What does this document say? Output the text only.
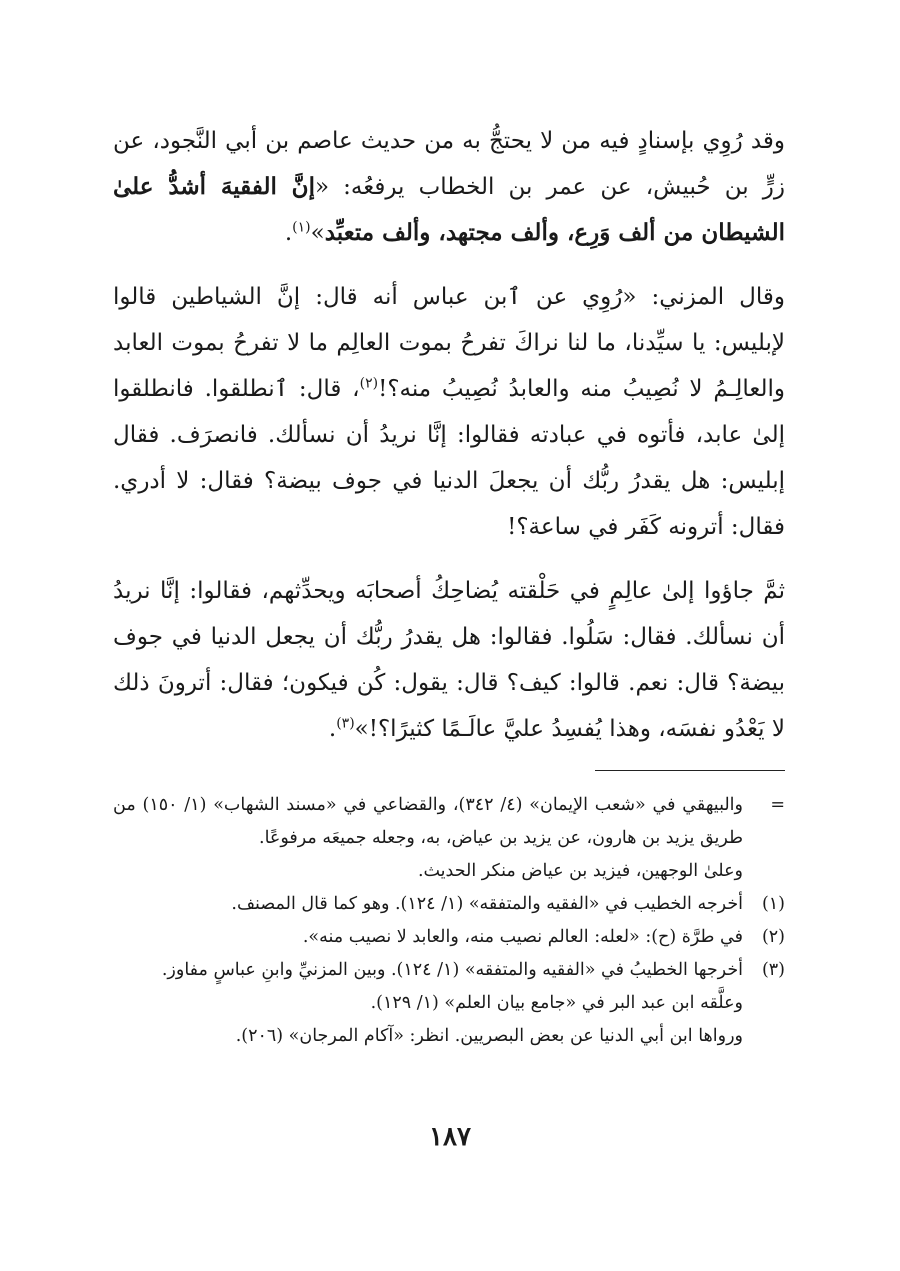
وقد رُوِي بإسنادٍ فيه من لا يحتجُّ به من حديث عاصم بن أبي النَّجود، عن زرٍّ بن حُبيش، عن عمر بن الخطاب يرفعُه: «إنَّ الفقيهَ أشدُّ علىٰ الشيطان من ألف وَرِع، وألف مجتهد، وألف متعبِّد»$^{(١)}$.

وقال المزني: «رُوِي عن ٱبن عباس أنه قال: إنَّ الشياطين قالوا لإبليس: يا سيِّدنا، ما لنا نراكَ تفرحُ بموت العالِم ما لا تفرحُ بموت العابد والعالِـمُ لا نُصِيبُ منه والعابدُ نُصِيبُ منه؟!$^{(٢)}$، قال: ٱنطلقوا. فانطلقوا إلىٰ عابد، فأتوه في عبادته فقالوا: إنَّا نريدُ أن نسألك. فانصرَف. فقال إبليس: هل يقدرُ ربُّك أن يجعلَ الدنيا في جوف بيضة؟ فقال: لا أدري. فقال: أترونه كَفَر في ساعة؟!

ثمَّ جاؤوا إلىٰ عالِمٍ في حَلْقته يُضاحِكُ أصحابَه ويحدِّثهم، فقالوا: إنَّا نريدُ أن نسألك. فقال: سَلُوا. فقالوا: هل يقدرُ ربُّك أن يجعل الدنيا في جوف بيضة؟ قال: نعم. قالوا: كيف؟ قال: يقول: كُن فيكون؛ فقال: أترونَ ذلك لا يَعْدُو نفسَه، وهذا يُفسِدُ عليَّ عالَـمًا كثيرًا؟!»$^{(٣)}$.

=
والبيهقي في «شعب الإيمان» (٤/ ٣٤٢)، والقضاعي في «مسند الشهاب» (١/ ١٥٠) من طريق يزيد بن هارون، عن يزيد بن عياض، به، وجعله جميعَه مرفوعًا.
وعلىٰ الوجهين، فيزيد بن عياض منكر الحديث.
(١)
أخرجه الخطيب في «الفقيه والمتفقه» (١/ ١٢٤). وهو كما قال المصنف.
(٢)
في طرَّة (ح): «لعله: العالم نصيب منه، والعابد لا نصيب منه».
(٣)
أخرجها الخطيبُ في «الفقيه والمتفقه» (١/ ١٢٤). وبين المزنيِّ وابنِ عباسٍ مفاوز.
وعلَّقه ابن عبد البر في «جامع بيان العلم» (١/ ١٢٩).
ورواها ابن أبي الدنيا عن بعض البصريين. انظر: «آكام المرجان» (٢٠٦).
١٨٧
